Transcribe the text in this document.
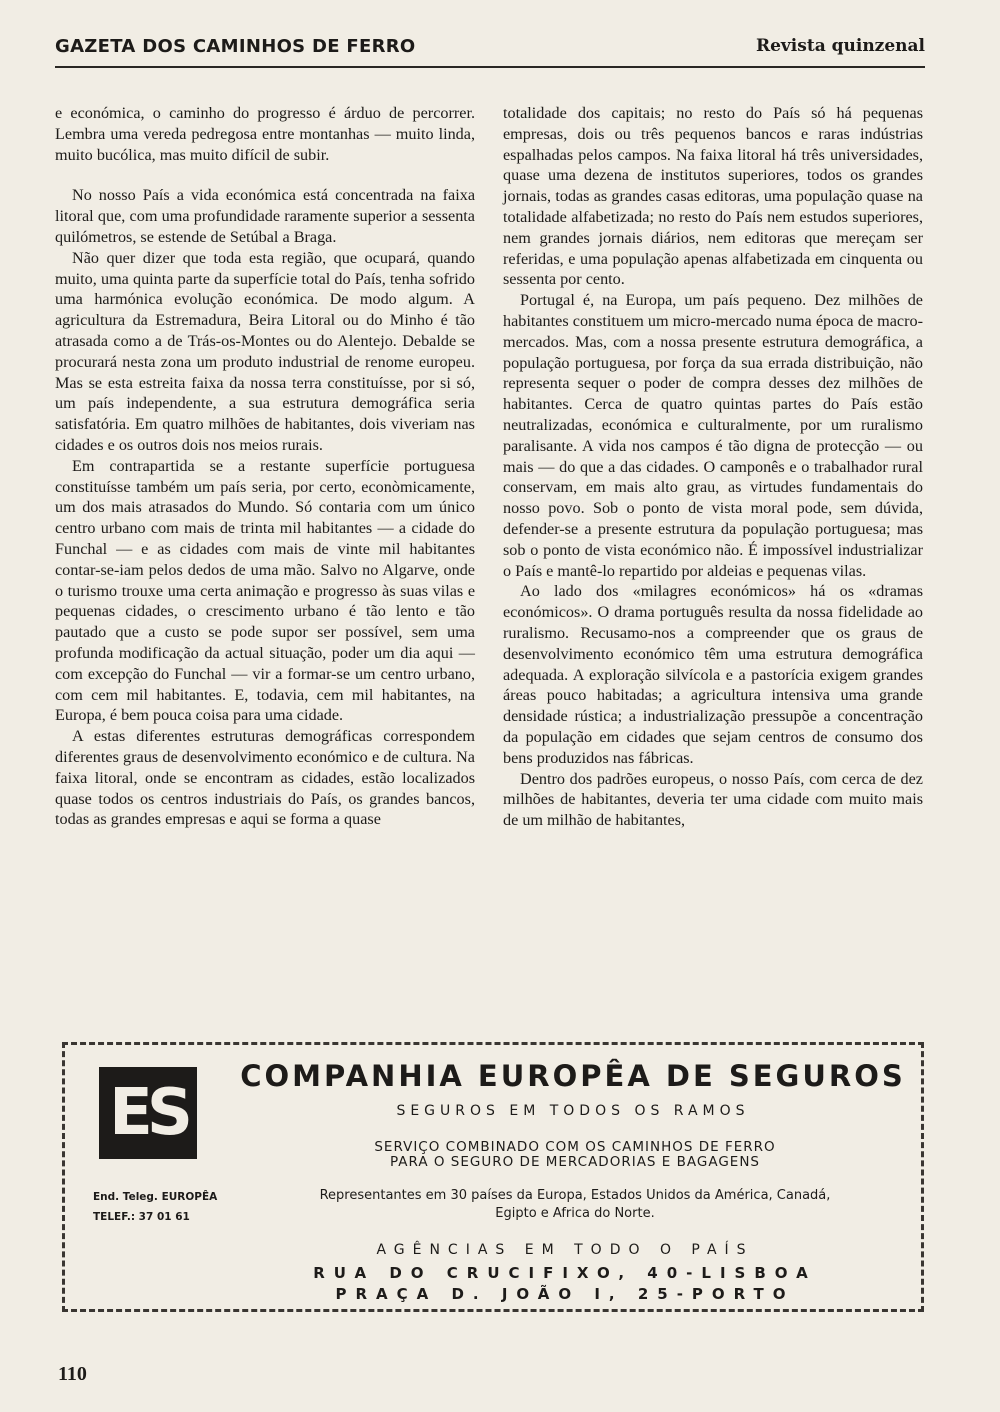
GAZETA DOS CAMINHOS DE FERRO	Revista quinzenal

e económica, o caminho do progresso é árduo de percorrer. Lembra uma vereda pedregosa entre montanhas — muito linda, muito bucólica, mas muito difícil de subir.

No nosso País a vida económica está concentrada na faixa litoral que, com uma profundidade raramente superior a sessenta quilómetros, se estende de Setúbal a Braga.

Não quer dizer que toda esta região, que ocupará, quando muito, uma quinta parte da superfície total do País, tenha sofrido uma harmónica evolução económica. De modo algum. A agricultura da Estremadura, Beira Litoral ou do Minho é tão atrasada como a de Trás-os-Montes ou do Alentejo. Debalde se procurará nesta zona um produto industrial de renome europeu. Mas se esta estreita faixa da nossa terra constituísse, por si só, um país independente, a sua estrutura demográfica seria satisfatória. Em quatro milhões de habitantes, dois viveriam nas cidades e os outros dois nos meios rurais.

Em contrapartida se a restante superfície portuguesa constituísse também um país seria, por certo, econòmicamente, um dos mais atrasados do Mundo. Só contaria com um único centro urbano com mais de trinta mil habitantes — a cidade do Funchal — e as cidades com mais de vinte mil habitantes contar-se-iam pelos dedos de uma mão. Salvo no Algarve, onde o turismo trouxe uma certa animação e progresso às suas vilas e pequenas cidades, o crescimento urbano é tão lento e tão pautado que a custo se pode supor ser possível, sem uma profunda modificação da actual situação, poder um dia aqui — com excepção do Funchal — vir a formar-se um centro urbano, com cem mil habitantes. E, todavia, cem mil habitantes, na Europa, é bem pouca coisa para uma cidade.

A estas diferentes estruturas demográficas correspondem diferentes graus de desenvolvimento económico e de cultura. Na faixa litoral, onde se encontram as cidades, estão localizados quase todos os centros industriais do País, os grandes bancos, todas as grandes empresas e aqui se forma a quase

totalidade dos capitais; no resto do País só há pequenas empresas, dois ou três pequenos bancos e raras indústrias espalhadas pelos campos. Na faixa litoral há três universidades, quase uma dezena de institutos superiores, todos os grandes jornais, todas as grandes casas editoras, uma população quase na totalidade alfabetizada; no resto do País nem estudos superiores, nem grandes jornais diários, nem editoras que mereçam ser referidas, e uma população apenas alfabetizada em cinquenta ou sessenta por cento.

Portugal é, na Europa, um país pequeno. Dez milhões de habitantes constituem um micro-mercado numa época de macro-mercados. Mas, com a nossa presente estrutura demográfica, a população portuguesa, por força da sua errada distribuição, não representa sequer o poder de compra desses dez milhões de habitantes. Cerca de quatro quintas partes do País estão neutralizadas, económica e culturalmente, por um ruralismo paralisante. A vida nos campos é tão digna de protecção — ou mais — do que a das cidades. O camponês e o trabalhador rural conservam, em mais alto grau, as virtudes fundamentais do nosso povo. Sob o ponto de vista moral pode, sem dúvida, defender-se a presente estrutura da população portuguesa; mas sob o ponto de vista económico não. É impossível industrializar o País e mantê-lo repartido por aldeias e pequenas vilas.

Ao lado dos «milagres económicos» há os «dramas económicos». O drama português resulta da nossa fidelidade ao ruralismo. Recusamo-nos a compreender que os graus de desenvolvimento económico têm uma estrutura demográfica adequada. A exploração silvícola e a pastorícia exigem grandes áreas pouco habitadas; a agricultura intensiva uma grande densidade rústica; a industrialização pressupõe a concentração da população em cidades que sejam centros de consumo dos bens produzidos nas fábricas.

Dentro dos padrões europeus, o nosso País, com cerca de dez milhões de habitantes, deveria ter uma cidade com muito mais de um milhão de habitantes,

ES
End. Teleg. EUROPÊA
TELEF.: 37 01 61
COMPANHIA EUROPÊA DE SEGUROS
SEGUROS EM TODOS OS RAMOS
SERVIÇO COMBINADO COM OS CAMINHOS DE FERRO
PARA O SEGURO DE MERCADORIAS E BAGAGENS
Representantes em 30 países da Europa, Estados Unidos da América, Canadá,
Egipto e Africa do Norte.
AGÊNCIAS EM TODO O PAÍS
RUA DO CRUCIFIXO, 40-LISBOA
PRAÇA D. JOÃO I, 25-PORTO
110
